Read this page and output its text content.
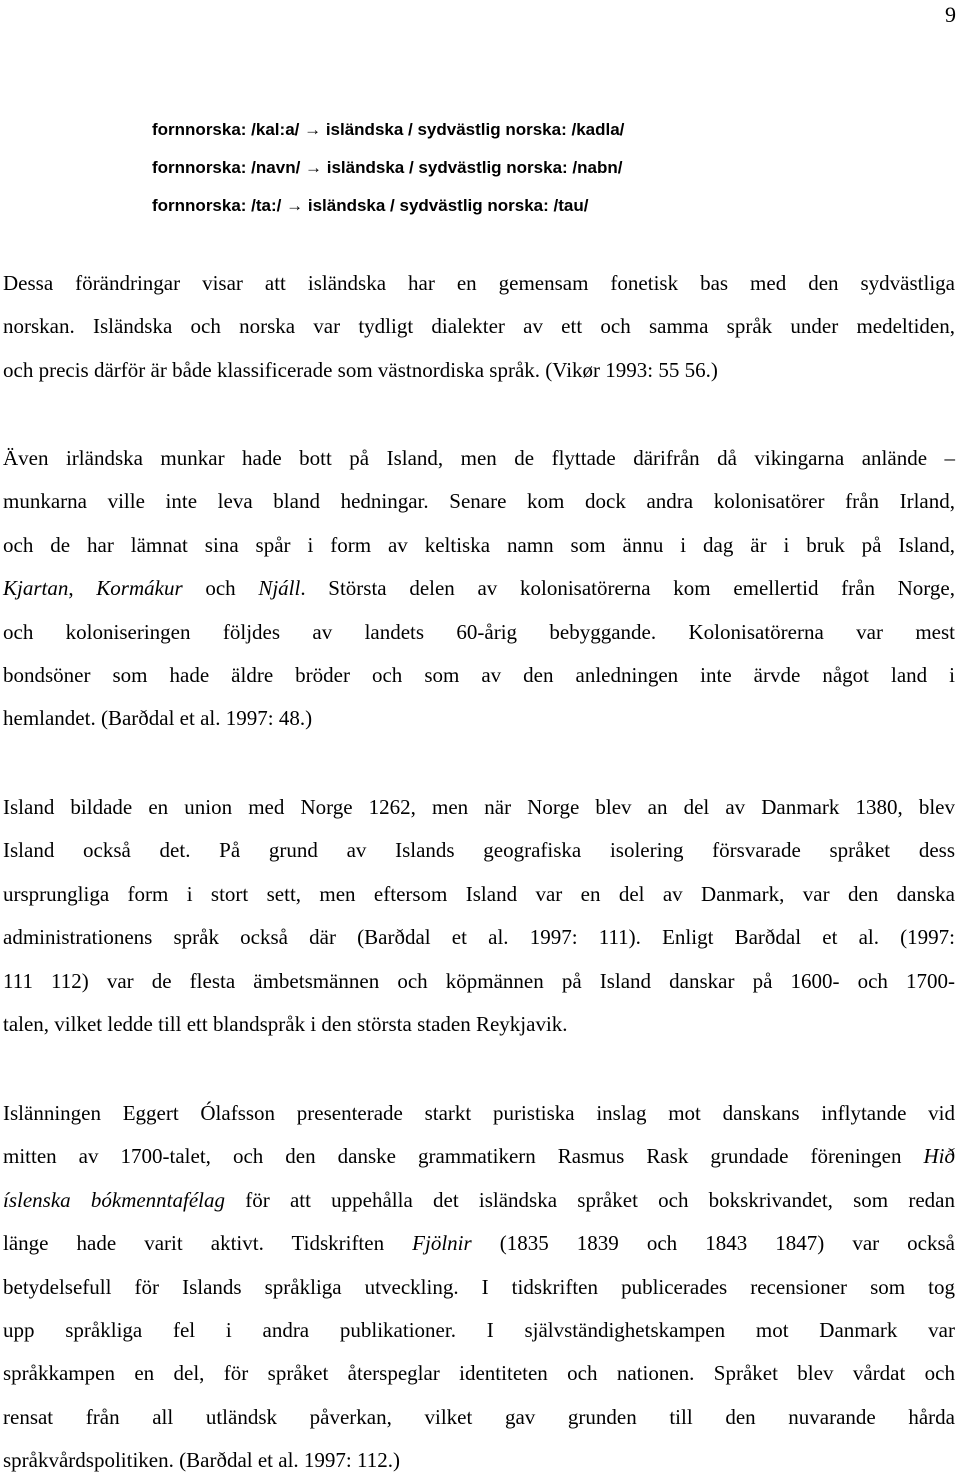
9
fornnorska: /kal:a/ → isländska / sydvästlig norska: /kadla/
fornnorska: /navn/ → isländska / sydvästlig norska: /nabn/
fornnorska: /ta:/ → isländska / sydvästlig norska: /tau/
Dessa förändringar visar att isländska har en gemensam fonetisk bas med den sydvästliga
norskan. Isländska och norska var tydligt dialekter av ett och samma språk under medeltiden,
och precis därför är både klassificerade som västnordiska språk. (Vikør 1993: 55 56.)
Även irländska munkar hade bott på Island, men de flyttade därifrån då vikingarna anlände –
munkarna ville inte leva bland hedningar. Senare kom dock andra kolonisatörer från Irland,
och de har lämnat sina spår i form av keltiska namn som ännu i dag är i bruk på Island,
Kjartan, Kormákur och Njáll. Största delen av kolonisatörerna kom emellertid från Norge,
och koloniseringen följdes av landets 60-årig bebyggande. Kolonisatörerna var mest
bondsöner som hade äldre bröder och som av den anledningen inte ärvde något land i
hemlandet. (Barðdal et al. 1997: 48.)
Island bildade en union med Norge 1262, men när Norge blev an del av Danmark 1380, blev
Island också det. På grund av Islands geografiska isolering försvarade språket dess
ursprungliga form i stort sett, men eftersom Island var en del av Danmark, var den danska
administrationens språk också där (Barðdal et al. 1997: 111). Enligt Barðdal et al. (1997:
111 112) var de flesta ämbetsmännen och köpmännen på Island danskar på 1600- och 1700-
talen, vilket ledde till ett blandspråk i den största staden Reykjavik.
Islänningen Eggert Ólafsson presenterade starkt puristiska inslag mot danskans inflytande vid
mitten av 1700-talet, och den danske grammatikern Rasmus Rask grundade föreningen Hið
íslenska bókmenntafélag för att uppehålla det isländska språket och bokskrivandet, som redan
länge hade varit aktivt. Tidskriften Fjölnir (1835 1839 och 1843 1847) var också
betydelsefull för Islands språkliga utveckling. I tidskriften publicerades recensioner som tog
upp språkliga fel i andra publikationer. I självständighetskampen mot Danmark var
språkkampen en del, för språket återspeglar identiteten och nationen. Språket blev vårdat och
rensat från all utländsk påverkan, vilket gav grunden till den nuvarande hårda
språkvårdspolitiken. (Barðdal et al. 1997: 112.)
